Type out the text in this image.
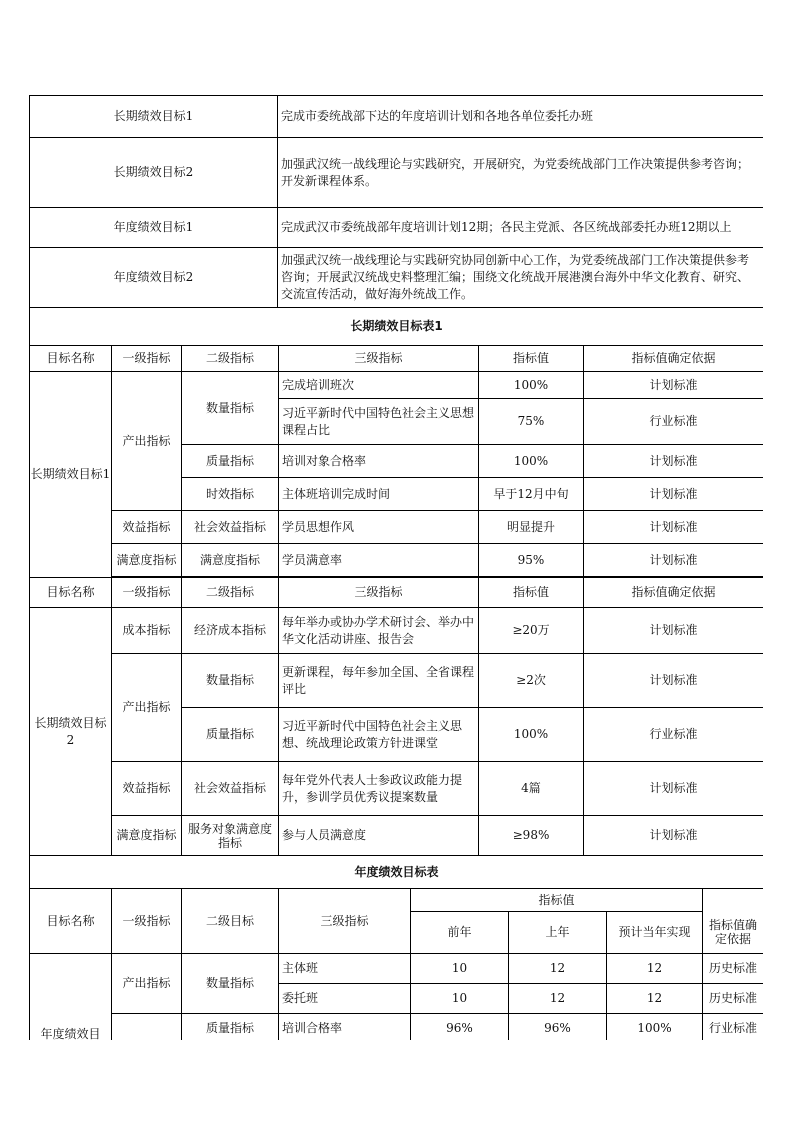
长期绩效目标1	完成市委统战部下达的年度培训计划和各地各单位委托办班
长期绩效目标2	加强武汉统一战线理论与实践研究，开展研究，为党委统战部门工作决策提供参考咨询；开发新课程体系。
年度绩效目标1	完成武汉市委统战部年度培训计划12期；各民主党派、各区统战部委托办班12期以上
年度绩效目标2	加强武汉统一战线理论与实践研究协同创新中心工作，为党委统战部门工作决策提供参考咨询；开展武汉统战史料整理汇编；围绕文化统战开展港澳台海外中华文化教育、研究、交流宣传活动，做好海外统战工作。
长期绩效目标表1					
目标名称	一级指标	二级指标	三级指标	指标值	指标值确定依据
长期绩效目标1	产出指标	数量指标	完成培训班次	100%	计划标准
			习近平新时代中国特色社会主义思想课程占比	75%	行业标准
		质量指标	培训对象合格率	100%	计划标准
		时效指标	主体班培训完成时间	早于12月中旬	计划标准
	效益指标	社会效益指标	学员思想作风	明显提升	计划标准
	满意度指标	满意度指标	学员满意率	95%	计划标准

目标名称	一级指标	二级指标	三级指标	指标值	指标值确定依据
长期绩效目标2	成本指标	经济成本指标	每年举办或协办学术研讨会、举办中华文化活动讲座、报告会	≥20万	计划标准
	产出指标	数量指标	更新课程，每年参加全国、全省课程评比	≥2次	计划标准
		质量指标	习近平新时代中国特色社会主义思想、统战理论政策方针进课堂	100%	行业标准
	效益指标	社会效益指标	每年党外代表人士参政议政能力提升，参训学员优秀议提案数量	4篇	计划标准
	满意度指标	服务对象满意度指标	参与人员满意度	≥98%	计划标准
年度绩效目标表					
目标名称	一级指标	二级目标	三级指标	指标值			
				前年	上年	预计当年实现	指标值确定依据
年度绩效目	产出指标	数量指标	主体班	10	12	12	历史标准
			委托班	10	12	12	历史标准
		质量指标	培训合格率	96%	96%	100%	行业标准
